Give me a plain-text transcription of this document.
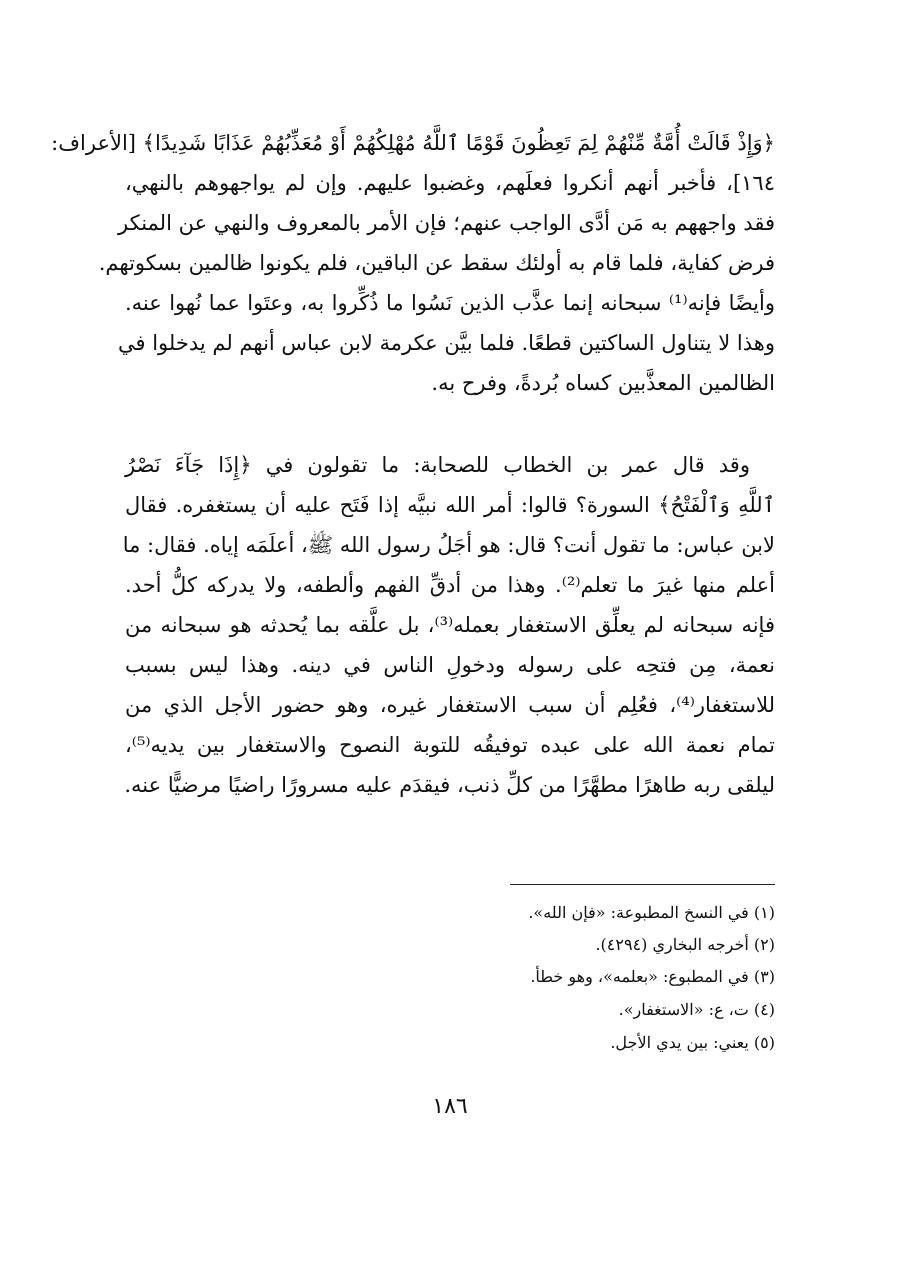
﴿وَإِذْ قَالَتْ أُمَّةٌ مِّنْهُمْ لِمَ تَعِظُونَ قَوْمًا ٱللَّهُ مُهْلِكُهُمْ أَوْ مُعَذِّبُهُمْ عَذَابًا شَدِيدًا﴾ [الأعراف:
١٦٤]، فأخبر أنهم أنكروا فعلَهم، وغضبوا عليهم. وإن لم يواجهوهم بالنهي،
فقد واجههم به مَن أدَّى الواجب عنهم؛ فإن الأمر بالمعروف والنهي عن المنكر
فرض كفاية، فلما قام به أولئك سقط عن الباقين، فلم يكونوا ظالمين بسكوتهم.
وأيضًا فإنه⁽¹⁾ سبحانه إنما عذَّب الذين نَسُوا ما ذُكِّروا به، وعتَوا عما نُهوا عنه.
وهذا لا يتناول الساكتين قطعًا. فلما بيَّن عكرمة لابن عباس أنهم لم يدخلوا في
الظالمين المعذَّبين كساه بُردةً، وفرح به.
وقد قال عمر بن الخطاب للصحابة: ما تقولون في ﴿إِذَا جَآءَ نَصْرُ
ٱللَّهِ وَٱلْفَتْحُ﴾ السورة؟ قالوا: أمر الله نبيَّه إذا فَتَح عليه أن يستغفره. فقال
لابن عباس: ما تقول أنت؟ قال: هو أجَلُ رسول الله ﷺ، أعلَمَه إياه. فقال: ما
أعلم منها غيرَ ما تعلم⁽²⁾. وهذا من أدقِّ الفهم وألطفه، ولا يدركه كلُّ أحد.
فإنه سبحانه لم يعلِّق الاستغفار بعمله⁽³⁾، بل علَّقه بما يُحدثه هو سبحانه من
نعمة، مِن فتحِه على رسوله ودخولِ الناس في دينه. وهذا ليس بسبب
للاستغفار⁽⁴⁾، فعُلِم أن سبب الاستغفار غيره، وهو حضور الأجل الذي من
تمام نعمة الله على عبده توفيقُه للتوبة النصوح والاستغفار بين يديه⁽⁵⁾،
ليلقى ربه طاهرًا مطهَّرًا من كلِّ ذنب، فيقدَم عليه مسرورًا راضيًا مرضيًّا عنه.
(١) في النسخ المطبوعة: «فإن الله».
(٢) أخرجه البخاري (٤٢٩٤).
(٣) في المطبوع: «بعلمه»، وهو خطأ.
(٤) ت، ع: «الاستغفار».
(٥) يعني: بين يدي الأجل.
١٨٦
